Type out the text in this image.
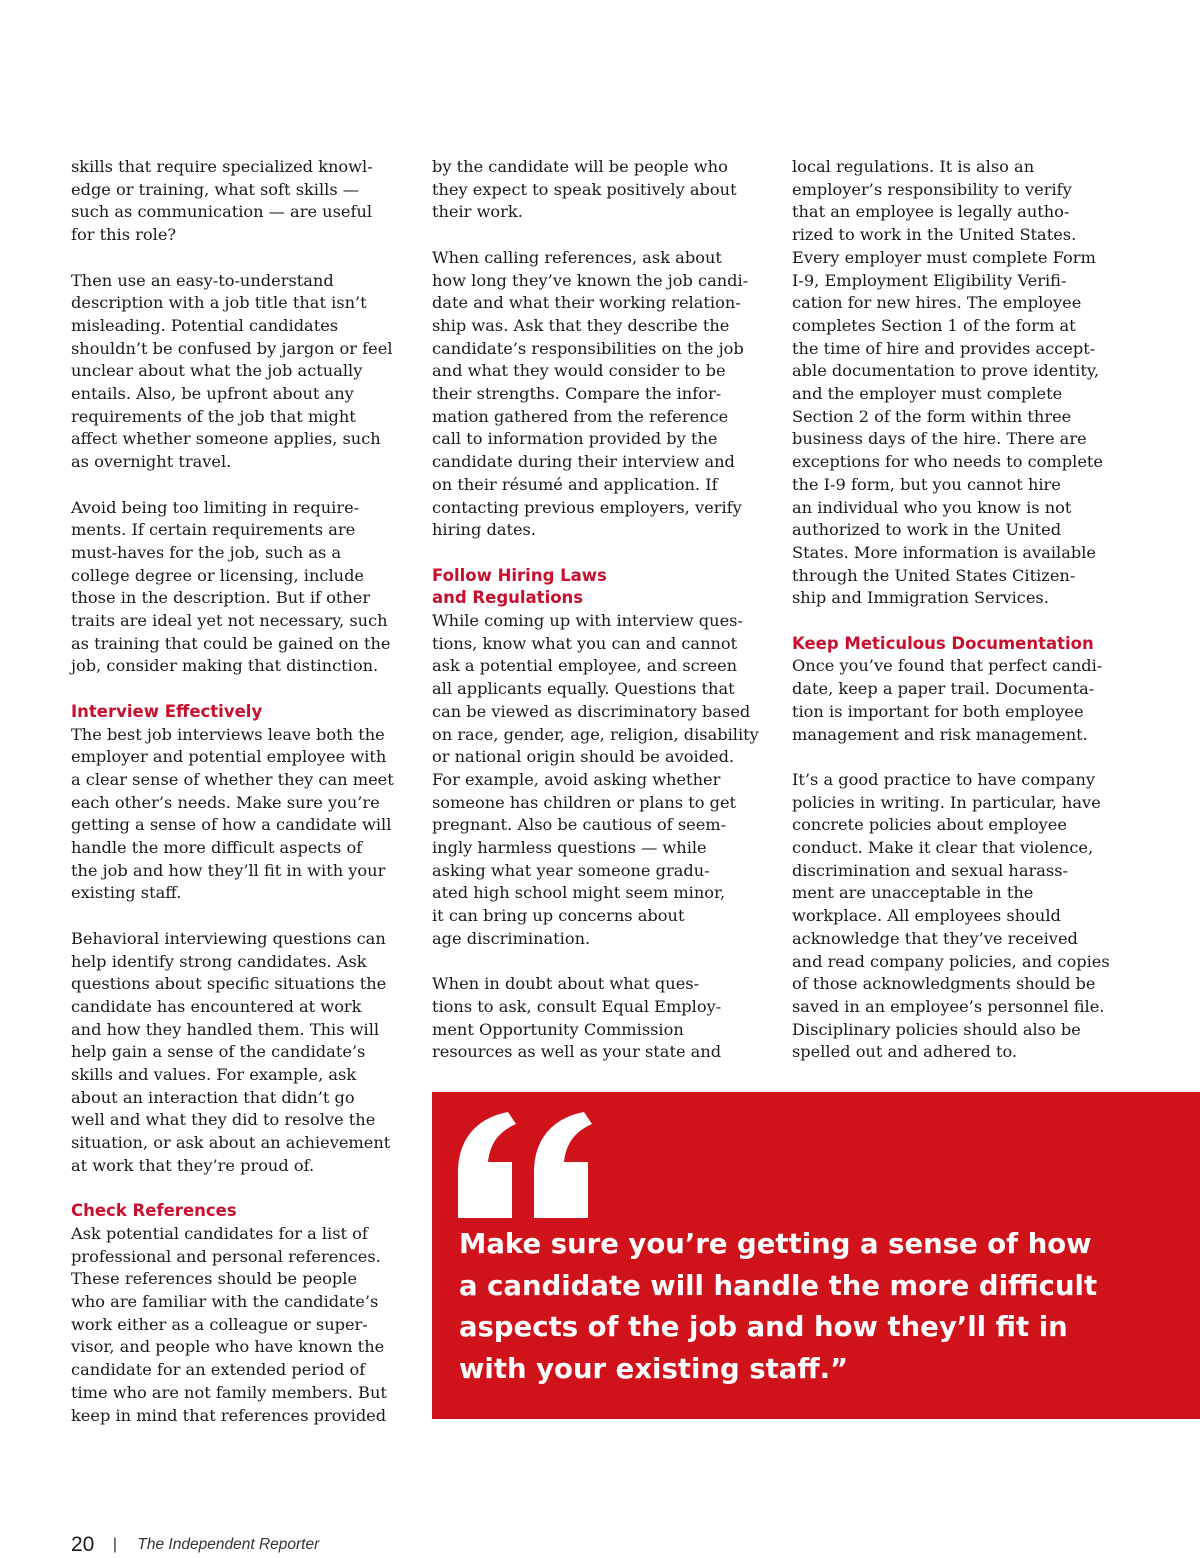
skills that require specialized knowl-
edge or training, what soft skills —
such as communication — are useful
for this role?
Then use an easy-to-understand
description with a job title that isn’t
misleading. Potential candidates
shouldn’t be confused by jargon or feel
unclear about what the job actually
entails. Also, be upfront about any
requirements of the job that might
affect whether someone applies, such
as overnight travel.
Avoid being too limiting in require-
ments. If certain requirements are
must-haves for the job, such as a
college degree or licensing, include
those in the description. But if other
traits are ideal yet not necessary, such
as training that could be gained on the
job, consider making that distinction.
Interview Effectively
The best job interviews leave both the
employer and potential employee with
a clear sense of whether they can meet
each other’s needs. Make sure you’re
getting a sense of how a candidate will
handle the more difficult aspects of
the job and how they’ll fit in with your
existing staff.
Behavioral interviewing questions can
help identify strong candidates. Ask
questions about specific situations the
candidate has encountered at work
and how they handled them. This will
help gain a sense of the candidate’s
skills and values. For example, ask
about an interaction that didn’t go
well and what they did to resolve the
situation, or ask about an achievement
at work that they’re proud of.
Check References
Ask potential candidates for a list of
professional and personal references.
These references should be people
who are familiar with the candidate’s
work either as a colleague or super-
visor, and people who have known the
candidate for an extended period of
time who are not family members. But
keep in mind that references provided
by the candidate will be people who
they expect to speak positively about
their work.
When calling references, ask about
how long they’ve known the job candi-
date and what their working relation-
ship was. Ask that they describe the
candidate’s responsibilities on the job
and what they would consider to be
their strengths. Compare the infor-
mation gathered from the reference
call to information provided by the
candidate during their interview and
on their résumé and application. If
contacting previous employers, verify
hiring dates.
Follow Hiring Laws
and Regulations
While coming up with interview ques-
tions, know what you can and cannot
ask a potential employee, and screen
all applicants equally. Questions that
can be viewed as discriminatory based
on race, gender, age, religion, disability
or national origin should be avoided.
For example, avoid asking whether
someone has children or plans to get
pregnant. Also be cautious of seem-
ingly harmless questions — while
asking what year someone gradu-
ated high school might seem minor,
it can bring up concerns about
age discrimination.
When in doubt about what ques-
tions to ask, consult Equal Employ-
ment Opportunity Commission
resources as well as your state and
local regulations. It is also an
employer’s responsibility to verify
that an employee is legally autho-
rized to work in the United States.
Every employer must complete Form
I-9, Employment Eligibility Verifi-
cation for new hires. The employee
completes Section 1 of the form at
the time of hire and provides accept-
able documentation to prove identity,
and the employer must complete
Section 2 of the form within three
business days of the hire. There are
exceptions for who needs to complete
the I-9 form, but you cannot hire
an individual who you know is not
authorized to work in the United
States. More information is available
through the United States Citizen-
ship and Immigration Services.
Keep Meticulous Documentation
Once you’ve found that perfect candi-
date, keep a paper trail. Documenta-
tion is important for both employee
management and risk management.
It’s a good practice to have company
policies in writing. In particular, have
concrete policies about employee
conduct. Make it clear that violence,
discrimination and sexual harass-
ment are unacceptable in the
workplace. All employees should
acknowledge that they’ve received
and read company policies, and copies
of those acknowledgments should be
saved in an employee’s personnel file.
Disciplinary policies should also be
spelled out and adhered to.
Make sure you’re getting a sense of how
a candidate will handle the more difficult
aspects of the job and how they’ll fit in
with your existing staff.”
20 | The Independent Reporter
